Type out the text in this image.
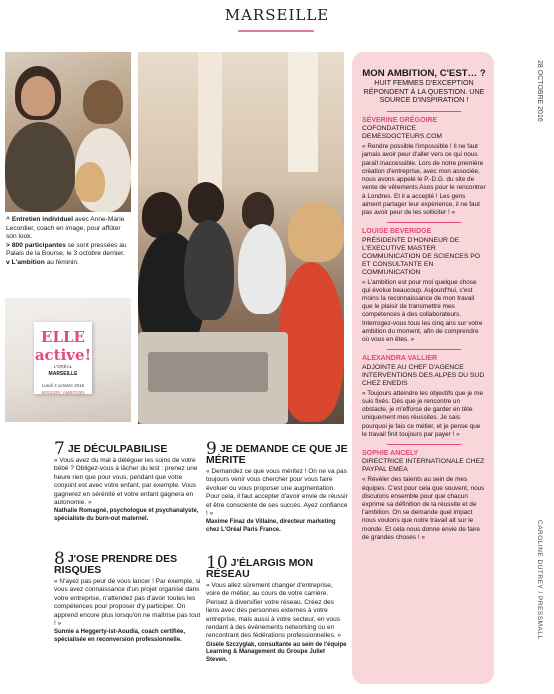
MARSEILLE
28 OCTOBRE 2016
CAROLINE DUTREY / PRESSMALL
ELLE active!
L'ORÉAL
MARSEILLE
Lundi 3 octobre 2016
MISSION: AMBITION
^ Entretien individuel avec Anne-Marie Lecordier, coach en image, pour affûter son look.
> 800 participantes se sont pressées au Palais de la Bourse, le 3 octobre dernier.
v L'ambition au féminin.
MON AMBITION, C'EST… ?
HUIT FEMMES D'EXCEPTION RÉPONDENT À LA QUESTION. UNE SOURCE D'INSPIRATION !
SÉVERINE GRÉGOIRE
COFONDATRICE DEMESDOCTEURS.COM
« Rendre possible l'impossible ! Il ne faut jamais avoir peur d'aller vers ce qui nous paraît inaccessible. Lors de notre première création d'entreprise, avec mon associée, nous avons appelé le P.-D.G. du site de vente de vêtements Asos pour le rencontrer à Londres. Et il a accepté ! Les gens aiment partager leur expérience, il ne faut pas avoir peur de les solliciter ! »
LOUISE BEVERIDGE
PRÉSIDENTE D'HONNEUR DE L'EXECUTIVE MASTER COMMUNICATION DE SCIENCES PO ET CONSULTANTE EN COMMUNICATION
« L'ambition est pour moi quelque chose qui évolue beaucoup. Aujourd'hui, c'est moins la reconnaissance de mon travail que le plaisir de transmettre mes compétences à des collaborateurs. Interrogez-vous tous les cinq ans sur votre ambition du moment, afin de comprendre où vous en êtes. »
ALEXANDRA VALLIER
ADJOINTE AU CHEF D'AGENCE INTERVENTIONS DES ALPES DU SUD CHEZ ENEDIS
« Toujours atteindre les objectifs que je me suis fixés. Dès que je rencontre un obstacle, je m'efforce de garder en tête uniquement mes réussites. Je sais pourquoi je fais ce métier, et je pense que le travail finit toujours par payer ! »
SOPHIE ANCELY
DIRECTRICE INTERNATIONALE CHEZ PAYPAL EMEA
« Révéler des talents au sein de mes équipes. C'est pour cela que souvent, nous discutons ensemble pour que chacun exprime sa définition de la réussite et de l'ambition. On se demande quel impact nous voulons que notre travail ait sur le monde. Et cela nous donne envie de faire de grandes choses ! »
7 JE DÉCULPABILISE
« Vous avez du mal à déléguer les soins de votre bébé ? Obligez-vous à lâcher du lest : prenez une heure rien que pour vous, pendant que votre conjoint est avec votre enfant, par exemple. Vous gagnerez en sérénité et votre enfant gagnera en autonomie. »
Nathalie Romagné, psychologue et psychanalyste, spécialiste du burn-out maternel.
8 J'OSE PRENDRE DES RISQUES
« N'ayez pas peur de vous lancer ! Par exemple, si vous avez connaissance d'un projet organisé dans votre entreprise, n'attendez pas d'avoir toutes les compétences pour proposer d'y participer. On apprend encore plus lorsqu'on ne maîtrise pas tout ! »
Sunnie a Heggerty-ist-Aoudia, coach certifiée, spécialisée en reconversion professionnelle.
9 JE DEMANDE CE QUE JE MÉRITE
« Demandez ce que vous méritez ! On ne va pas toujours venir vous chercher pour vous faire évoluer ou vous proposer une augmentation. Pour cela, il faut accepter d'avoir envie de réussir et être consciente de ses succès. Ayez confiance ! »
Maxime Finaz de Villaine, directeur marketing chez L'Oréal Paris France.
10 J'ÉLARGIS MON RÉSEAU
« Vous allez sûrement changer d'entreprise, voire de métier, au cours de votre carrière. Pensez à diversifier votre réseau. Créez des liens avec des personnes externes à votre entreprise, mais aussi à votre secteur, en vous rendant à des événements networking ou en rencontrant des fédérations professionnelles. »
Gisèle Szczyglak, consultante au sein de l'équipe Learning & Management du Groupe Juliet Steven.
